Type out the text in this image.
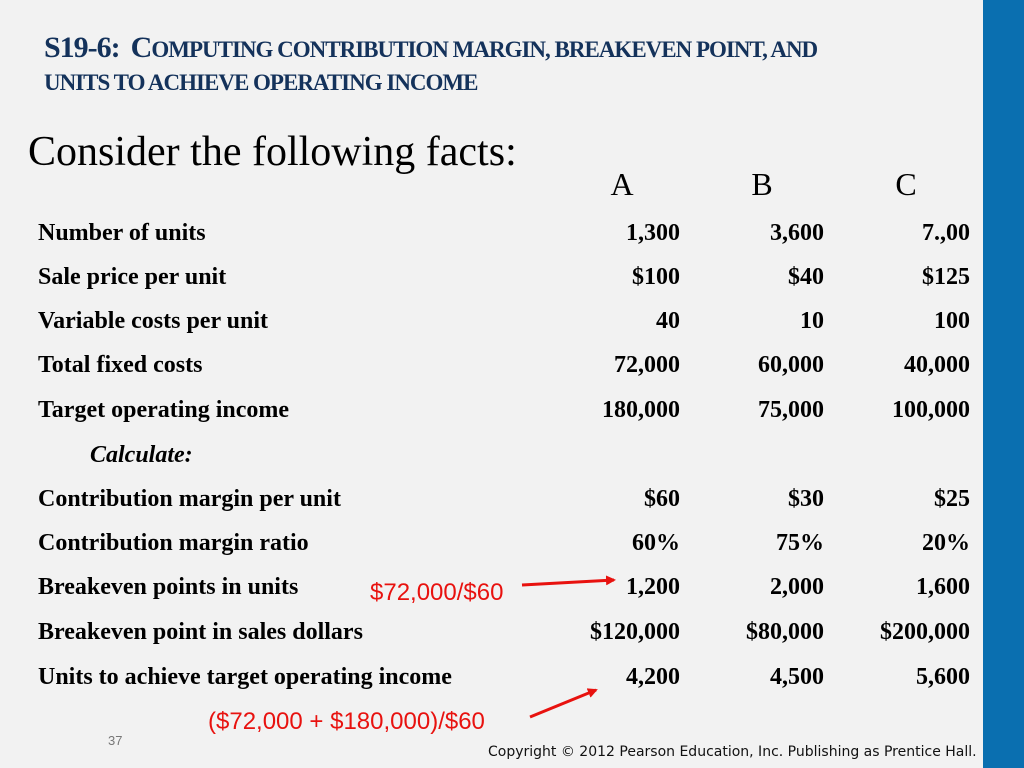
S19-6: COMPUTING CONTRIBUTION MARGIN, BREAKEVEN POINT, AND
UNITS TO ACHIEVE OPERATING INCOME
Consider the following facts:
A	B	C
Number of units	1,300	3,600	7.,00
Sale price per unit	$100	$40	$125
Variable costs per unit	40	10	100
Total fixed costs	72,000	60,000	40,000
Target operating income	180,000	75,000	100,000
Calculate:
Contribution margin per unit	$60	$30	$25
Contribution margin ratio	60%	75%	20%
Breakeven points in units	1,200	2,000	1,600
Breakeven point in sales dollars	$120,000	$80,000	$200,000
Units to achieve target operating income	4,200	4,500	5,600
$72,000/$60
($72,000 + $180,000)/$60
37
Copyright © 2012 Pearson Education, Inc. Publishing as Prentice Hall.
